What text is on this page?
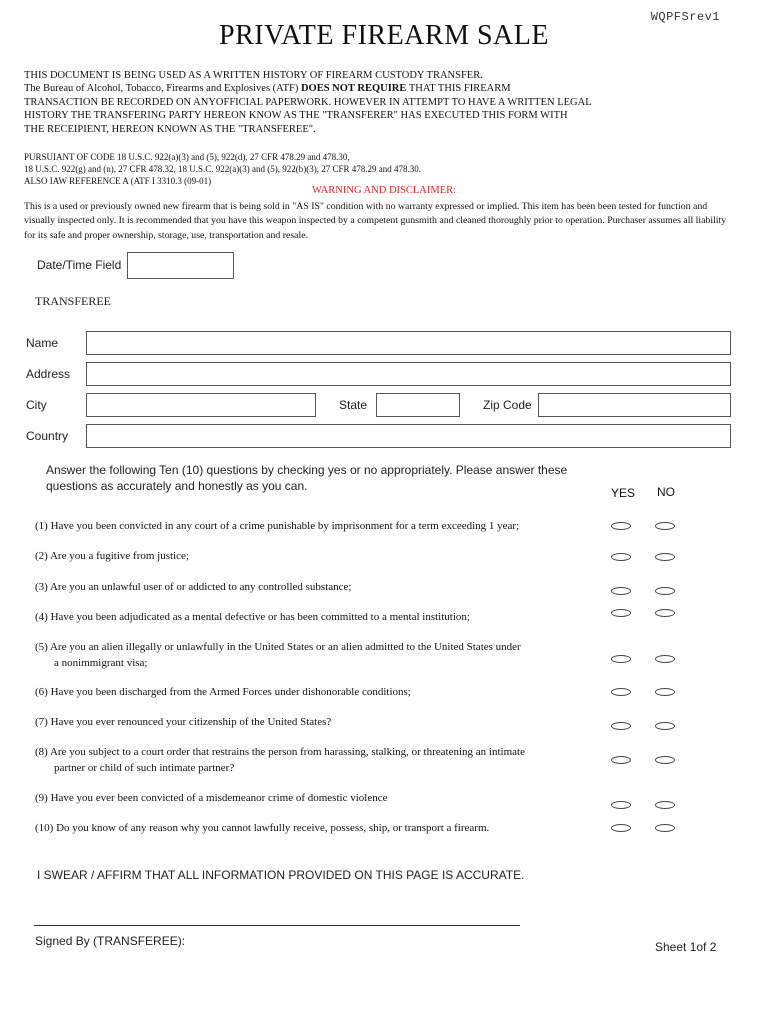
WQPFSrev1
PRIVATE FIREARM SALE

THIS DOCUMENT IS BEING USED AS A WRITTEN HISTORY OF FIREARM CUSTODY TRANSFER.

The Bureau of Alcohol, Tobacco, Firearms and Explosives (ATF) DOES NOT REQUIRE THAT THIS FIREARM

TRANSACTION BE RECORDED ON ANYOFFICIAL PAPERWORK. HOWEVER IN ATTEMPT TO HAVE A WRITTEN LEGAL

HISTORY THE TRANSFERING PARTY HEREON KNOW AS THE "TRANSFERER" HAS EXECUTED THIS FORM WITH

THE RECEIPIENT, HEREON KNOWN AS THE "TRANSFEREE".

PURSUIANT OF CODE 18 U.S.C. 922(a)(3) and (5), 922(d), 27 CFR 478.29 and 478.30,

18 U.S.C. 922(g) and (n), 27 CFR 478.32, 18 U.S.C. 922(a)(3) and (5), 922(b)(3), 27 CFR 478.29 and 478.30.

ALSO IAW REFERENCE A (ATF I 3310.3 (09-01)

WARNING AND DISCLAIMER:
This is a used or previously owned new firearm that is being sold in "AS IS" condition with no warranty expressed or implied. This item has been been tested for function and visually inspected only. It is recommended that you have this weapon inspected by a competent gunsmith and cleaned thoroughly prior to operation. Purchaser assumes all liability for its safe and proper ownership, storage, use, transportation and resale.
Date/Time Field
TRANSFEREE
Name
Address
City	State	Zip Code
Country
Answer the following Ten (10) questions by checking yes or no appropriately. Please answer these
questions as accurately and honestly as you can.	YES NO
(1) Have you been convicted in any court of a crime punishable by imprisonment for a term exceeding 1 year;
(2) Are you a fugitive from justice;
(3) Are you an unlawful user of or addicted to any controlled substance;
(4) Have you been adjudicated as a mental defective or has been committed to a mental institution;
(5) Are you an alien illegally or unlawfully in the United States or an alien admitted to the United States under
a nonimmigrant visa;
(6) Have you been discharged from the Armed Forces under dishonorable conditions;
(7) Have you ever renounced your citizenship of the United States?
(8) Are you subject to a court order that restrains the person from harassing, stalking, or threatening an intimate
partner or child of such intimate partner?
(9) Have you ever been convicted of a misdemeanor crime of domestic violence
(10) Do you know of any reason why you cannot lawfully receive, possess, ship, or transport a firearm.
I SWEAR / AFFIRM THAT ALL INFORMATION PROVIDED ON THIS PAGE IS ACCURATE.
Signed By (TRANSFEREE):	Sheet 1of 2
